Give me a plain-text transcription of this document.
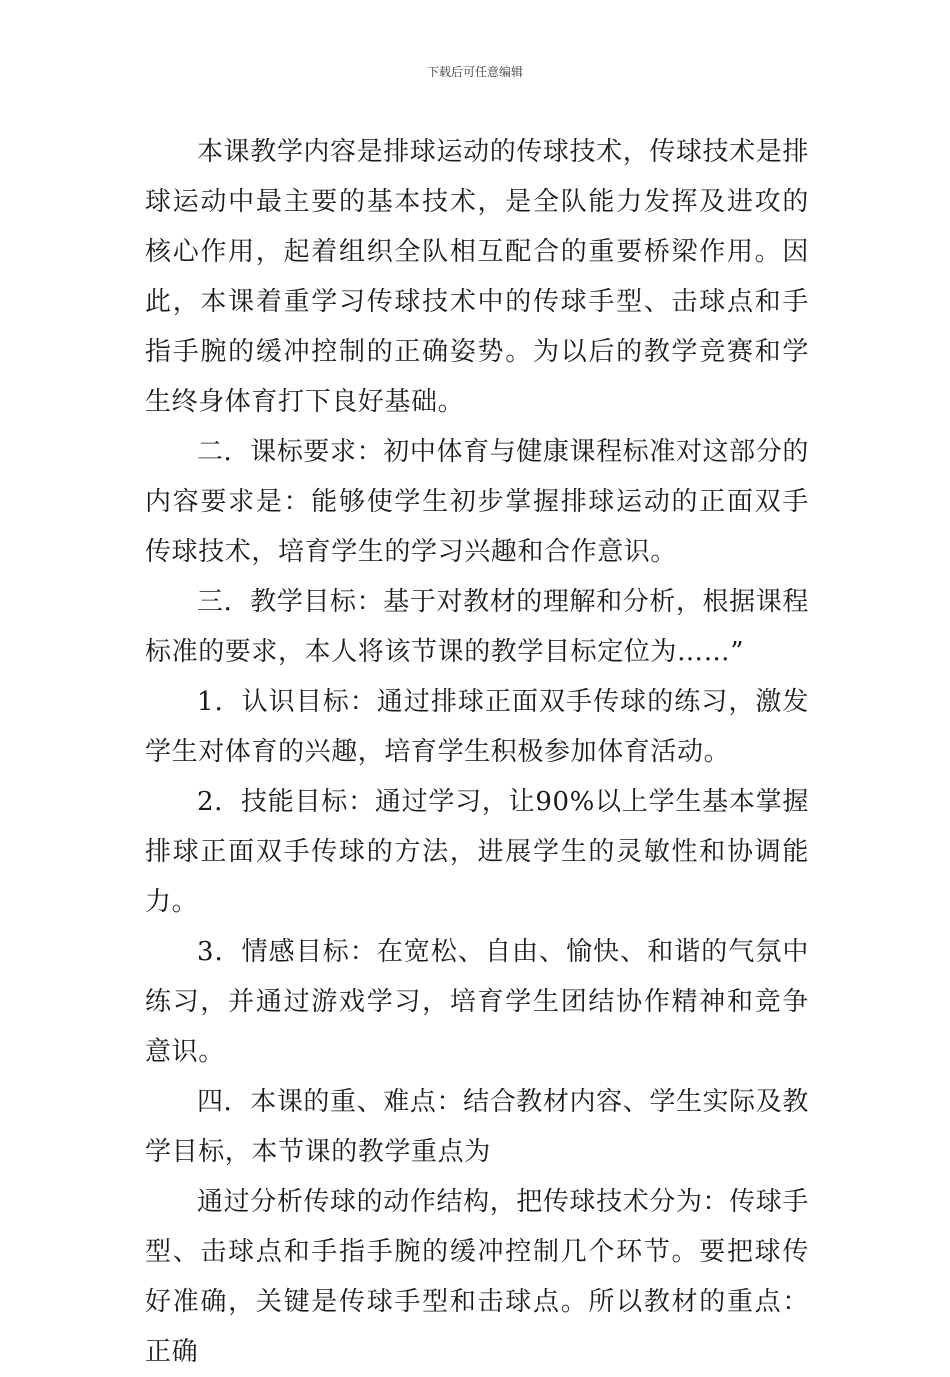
下载后可任意编辑

本课教学内容是排球运动的传球技术，传球技术是排球运动中最主要的基本技术，是全队能力发挥及进攻的核心作用，起着组织全队相互配合的重要桥梁作用。因此，本课着重学习传球技术中的传球手型、击球点和手指手腕的缓冲控制的正确姿势。为以后的教学竞赛和学生终身体育打下良好基础。

二．课标要求：初中体育与健康课程标准对这部分的内容要求是：能够使学生初步掌握排球运动的正面双手传球技术，培育学生的学习兴趣和合作意识。

三．教学目标：基于对教材的理解和分析，根据课程标准的要求，本人将该节课的教学目标定位为……”

1．认识目标：通过排球正面双手传球的练习，激发学生对体育的兴趣，培育学生积极参加体育活动。

2．技能目标：通过学习，让90%以上学生基本掌握排球正面双手传球的方法，进展学生的灵敏性和协调能力。

3．情感目标：在宽松、自由、愉快、和谐的气氛中练习，并通过游戏学习，培育学生团结协作精神和竞争意识。

四．本课的重、难点：结合教材内容、学生实际及教学目标，本节课的教学重点为

通过分析传球的动作结构，把传球技术分为：传球手型、击球点和手指手腕的缓冲控制几个环节。要把球传好准确，关键是传球手型和击球点。所以教材的重点：正确
